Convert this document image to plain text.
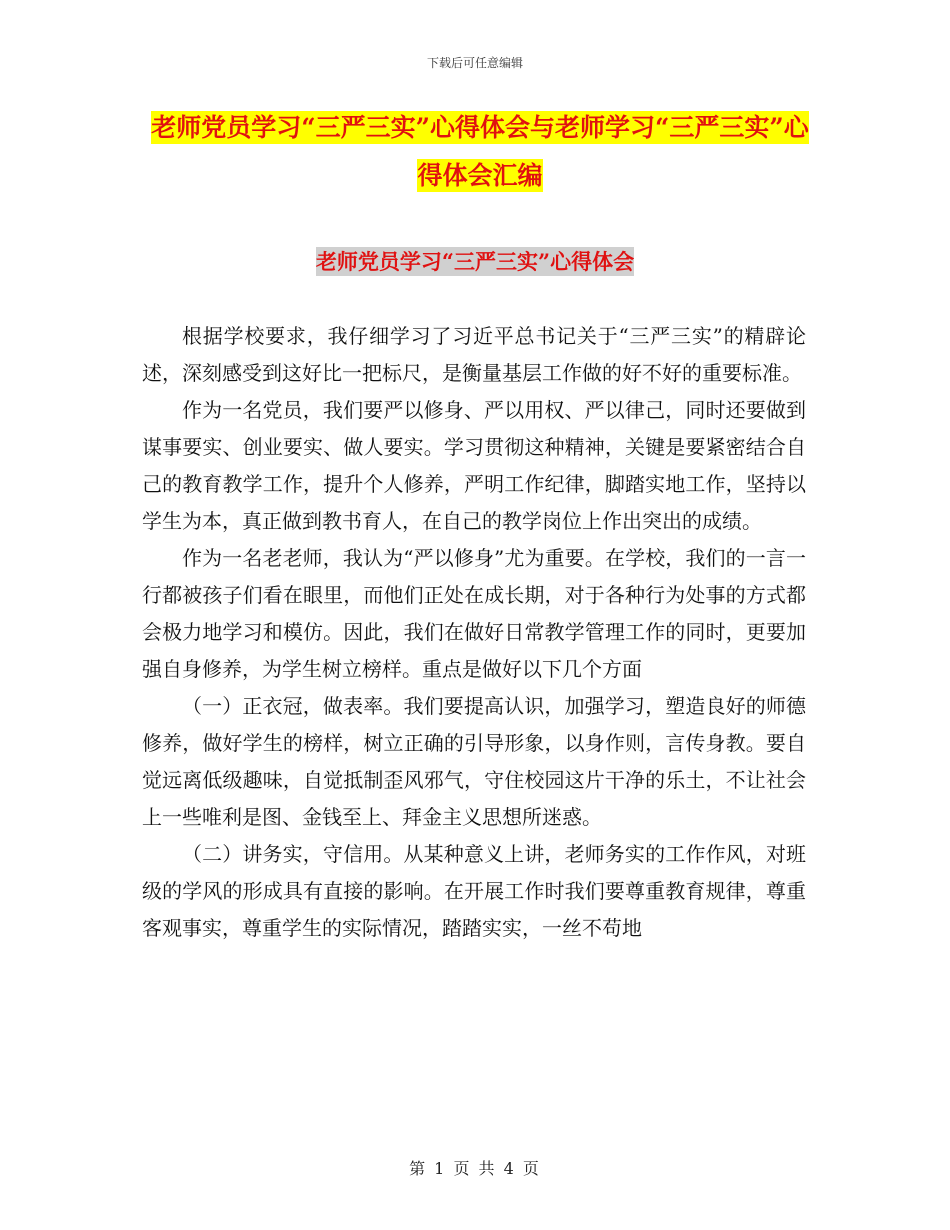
下载后可任意编辑
老师党员学习“三严三实”心得体会与老师学习“三严三实”心得体会汇编
老师党员学习“三严三实”心得体会

根据学校要求，我仔细学习了习近平总书记关于“三严三实”的精辟论述，深刻感受到这好比一把标尺，是衡量基层工作做的好不好的重要标准。

作为一名党员，我们要严以修身、严以用权、严以律己，同时还要做到谋事要实、创业要实、做人要实。学习贯彻这种精神，关键是要紧密结合自己的教育教学工作，提升个人修养，严明工作纪律，脚踏实地工作，坚持以学生为本，真正做到教书育人，在自己的教学岗位上作出突出的成绩。

作为一名老老师，我认为“严以修身”尤为重要。在学校，我们的一言一行都被孩子们看在眼里，而他们正处在成长期，对于各种行为处事的方式都会极力地学习和模仿。因此，我们在做好日常教学管理工作的同时，更要加强自身修养，为学生树立榜样。重点是做好以下几个方面

（一）正衣冠，做表率。我们要提高认识，加强学习，塑造良好的师德修养，做好学生的榜样，树立正确的引导形象，以身作则，言传身教。要自觉远离低级趣味，自觉抵制歪风邪气，守住校园这片干净的乐土，不让社会上一些唯利是图、金钱至上、拜金主义思想所迷惑。

（二）讲务实，守信用。从某种意义上讲，老师务实的工作作风，对班级的学风的形成具有直接的影响。在开展工作时我们要尊重教育规律，尊重客观事实，尊重学生的实际情况，踏踏实实，一丝不苟地

第 1 页 共 4 页
